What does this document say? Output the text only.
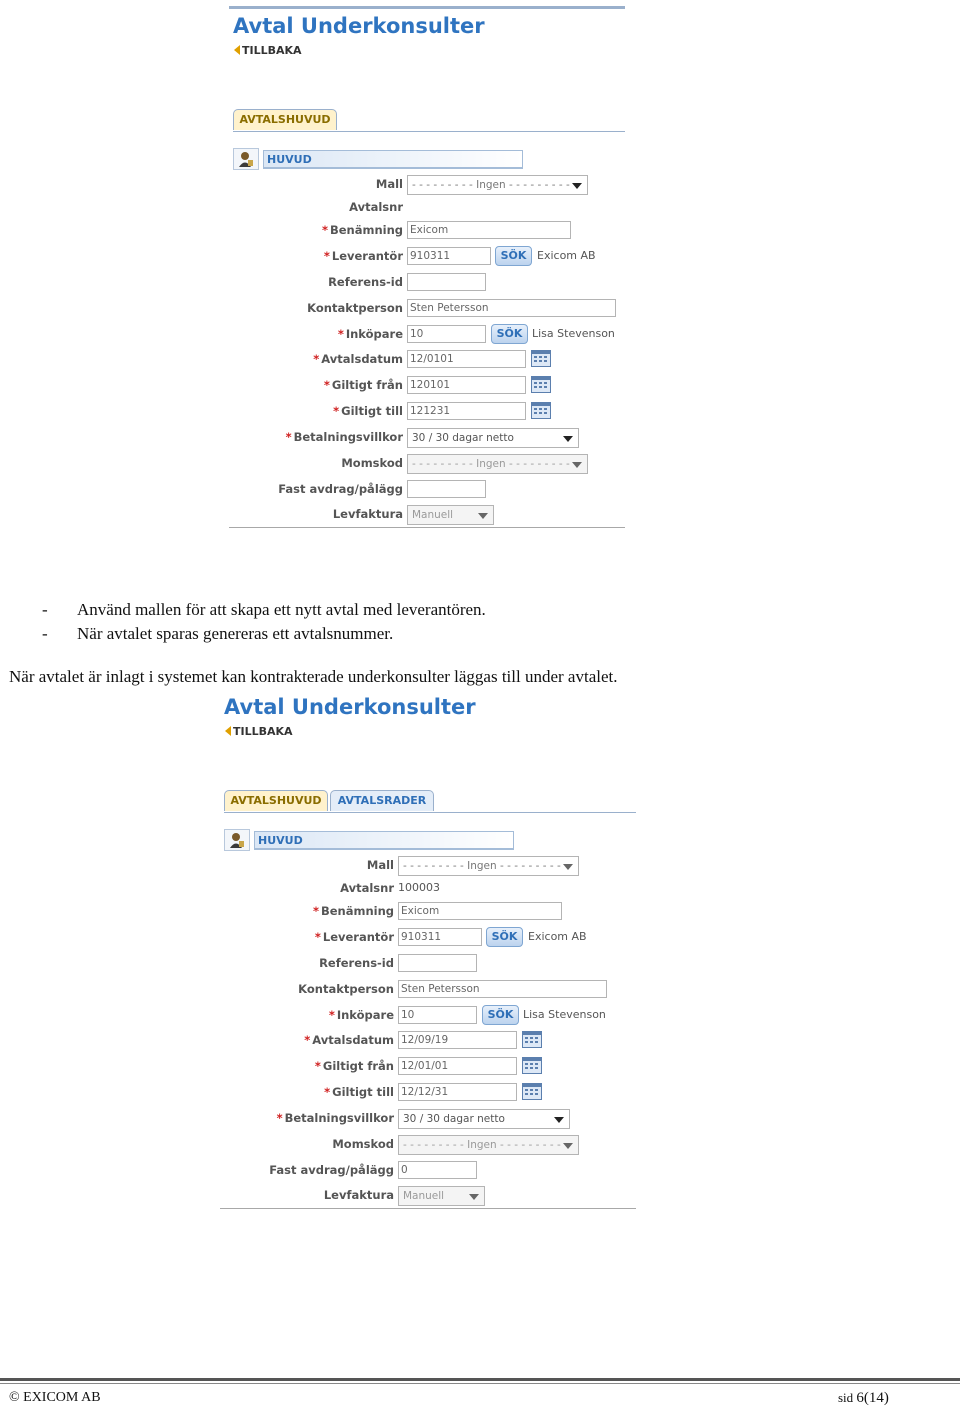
Avtal Underkonsulter
TILLBAKA
AVTALSHUVUD
HUVUD
Mall - - - - - - - - - Ingen - - - - - - - - -
Avtalsnr
* Benämning Exicom
* Leverantör 910311	SÖK Exicom AB
Referens-id
Kontaktperson Sten Petersson
* Inköpare 10	SÖK Lisa Stevenson
* Avtalsdatum 12/0101
* Giltigt från 120101
* Giltigt till 121231
* Betalningsvillkor 30 / 30 dagar netto
Momskod - - - - - - - - - Ingen - - - - - - - - -
Fast avdrag/pålägg
Levfaktura Manuell
- Använd mallen för att skapa ett nytt avtal med leverantören.
- När avtalet sparas genereras ett avtalsnummer.
När avtalet är inlagt i systemet kan kontrakterade underkonsulter läggas till under avtalet.
Avtal Underkonsulter
TILLBAKA
AVTALSHUVUD	AVTALSRADER
HUVUD
Mall - - - - - - - - - Ingen - - - - - - - - -
Avtalsnr 100003
* Benämning Exicom
* Leverantör 910311	SÖK Exicom AB
Referens-id
Kontaktperson Sten Petersson
* Inköpare 10	SÖK Lisa Stevenson
* Avtalsdatum 12/09/19
* Giltigt från 12/01/01
* Giltigt till 12/12/31
* Betalningsvillkor 30 / 30 dagar netto
Momskod - - - - - - - - - Ingen - - - - - - - - -
Fast avdrag/pålägg 0
Levfaktura Manuell
© EXICOM AB	sid 6(14)
